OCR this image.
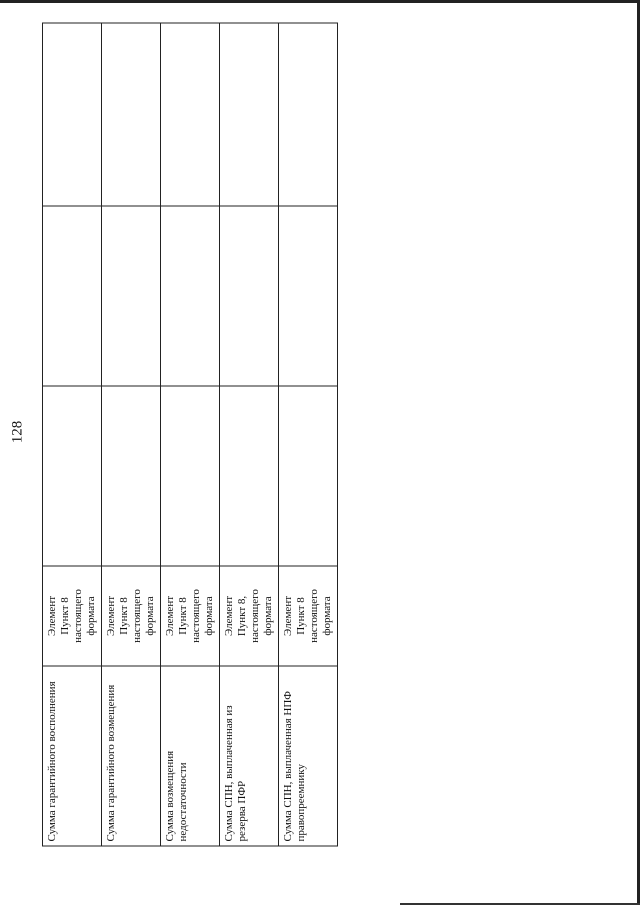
128
Сумма гарантийного восполнения	Элемент Пункт 8 настоящего формата			

Сумма гарантийного возмещения	Элемент Пункт 8 настоящего формата			

Сумма возмещения недостаточности	Элемент Пункт 8 настоящего формата			

Сумма СПН, выплаченная из резерва ПФР	Элемент Пункт 8, настоящего формата			

Сумма СПН, выплаченная НПФ правопреемнику	Элемент Пункт 8 настоящего формата			
